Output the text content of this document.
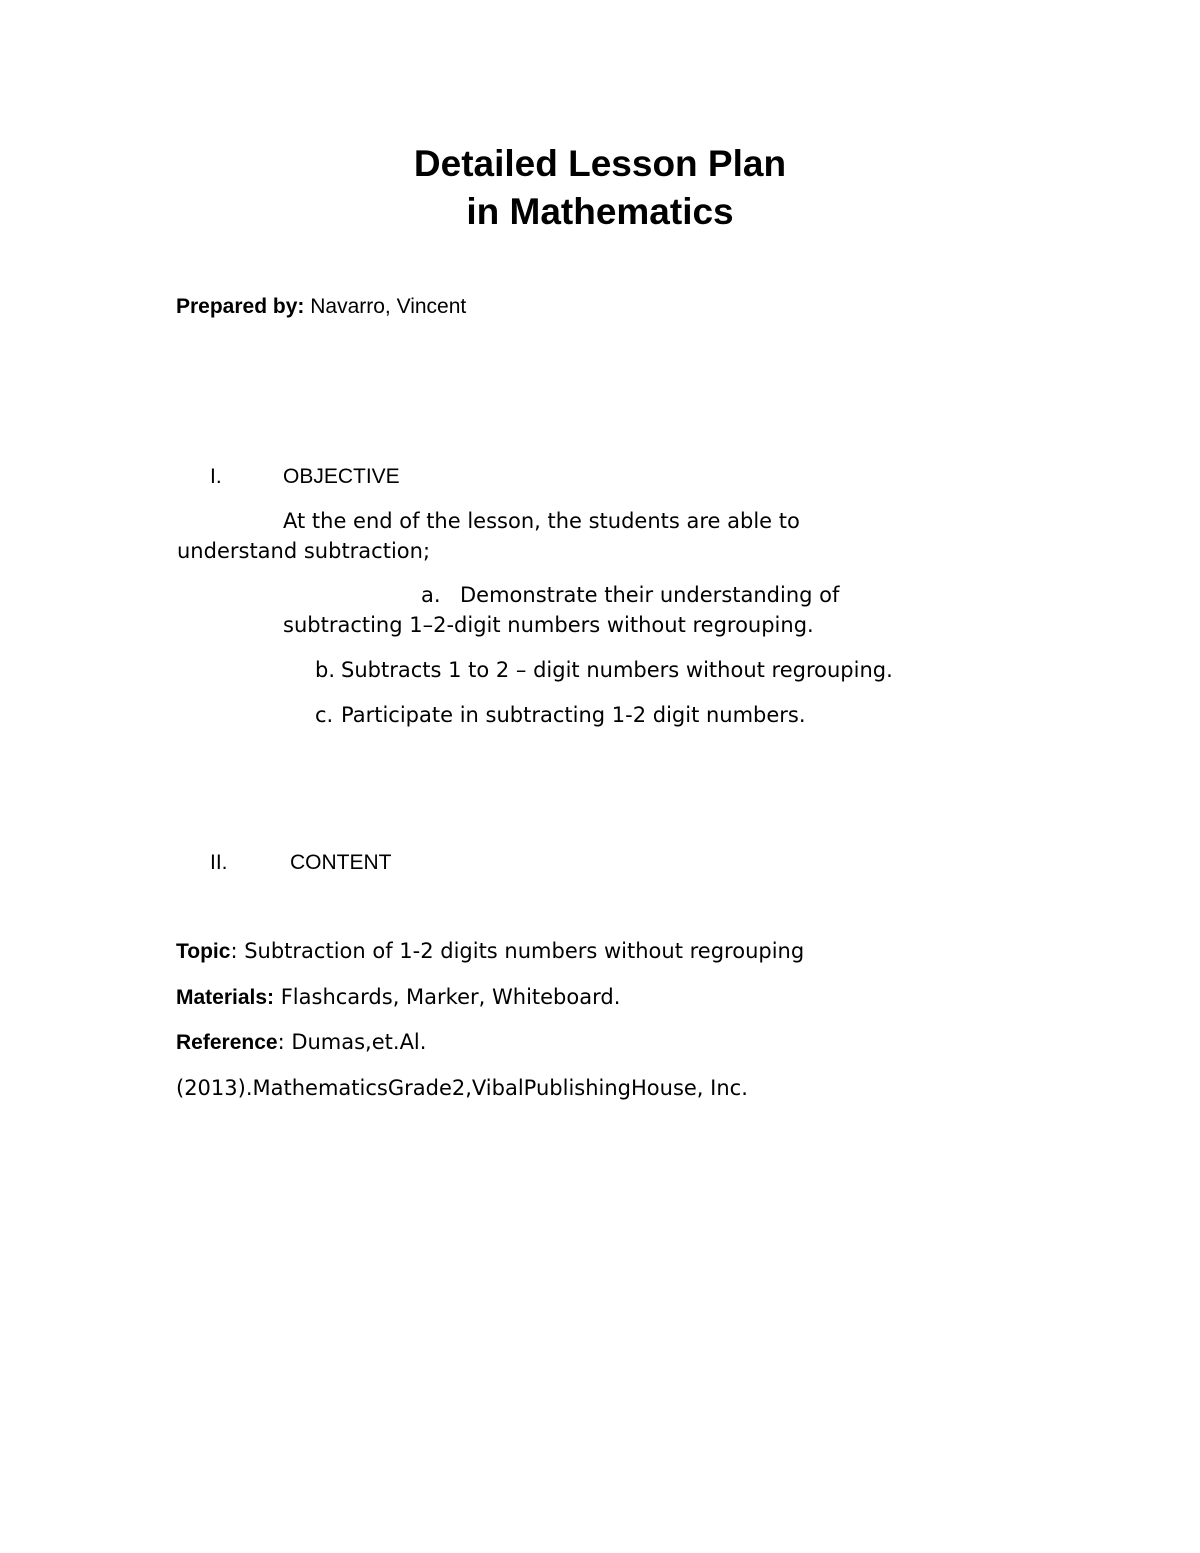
Detailed Lesson Plan
in Mathematics
Prepared by: Navarro, Vincent
I.	OBJECTIVE
At the end of the lesson, the students are able to
understand subtraction;
a. Demonstrate their understanding of
subtracting 1–2-digit numbers without regrouping.
b. Subtracts 1 to 2 – digit numbers without regrouping.
c. Participate in subtracting 1-2 digit numbers.
II.	CONTENT
Topic: Subtraction of 1-2 digits numbers without regrouping
Materials: Flashcards, Marker, Whiteboard.
Reference: Dumas,et.Al.
(2013).MathematicsGrade2,VibalPublishingHouse, Inc.
